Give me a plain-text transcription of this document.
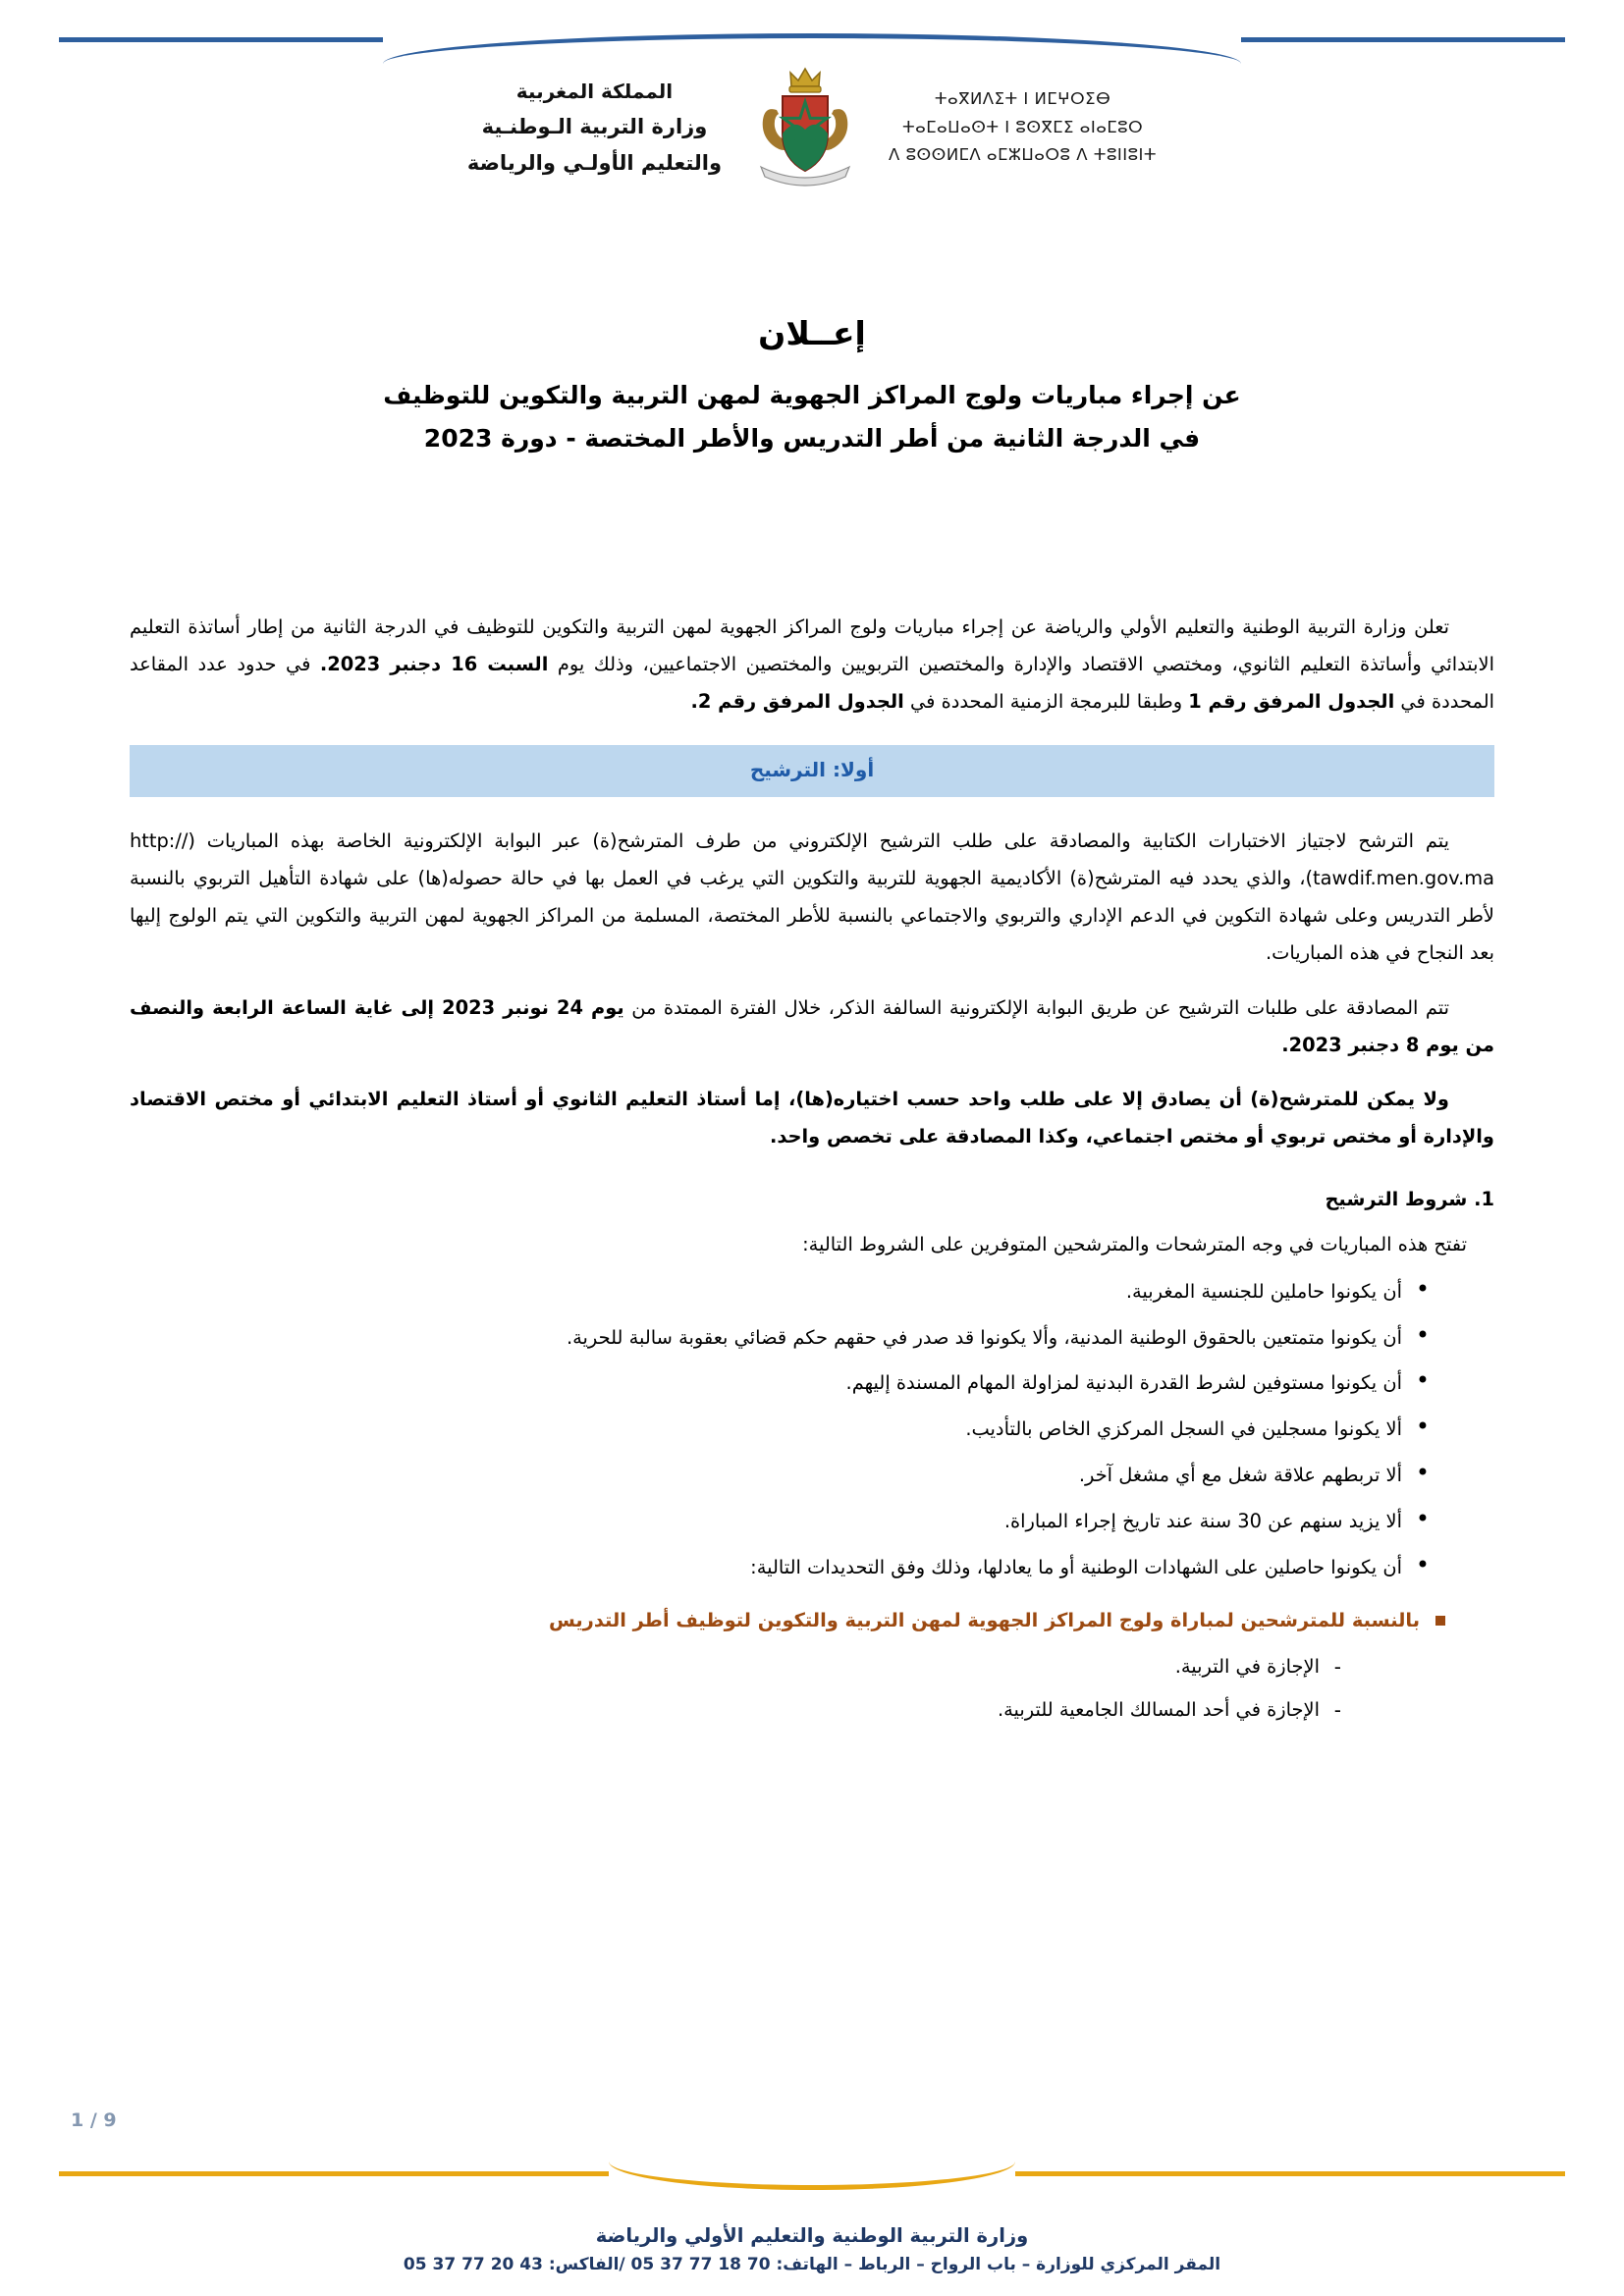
ⵜⴰⴳⵍⴷⵉⵜ ⵏ ⵍⵎⵖⵔⵉⴱ
ⵜⴰⵎⴰⵡⴰⵙⵜ ⵏ ⵓⵙⴳⵎⵉ ⴰⵏⴰⵎⵓⵔ
ⴷ ⵓⵙⵙⵍⵎⴷ ⴰⵎⵣⵡⴰⵔⵓ ⴷ ⵜⵓⵏⵏⵓⵏⵜ
المملكة المغربية
وزارة التربية الـوطنـية
والتعليم الأولـي والرياضة
إعــلان
عن إجراء مباريات ولوج المراكز الجهوية لمهن التربية والتكوين للتوظيف
في الدرجة الثانية من أطر التدريس والأطر المختصة - دورة 2023

تعلن وزارة التربية الوطنية والتعليم الأولي والرياضة عن إجراء مباريات ولوج المراكز الجهوية لمهن التربية والتكوين للتوظيف في الدرجة الثانية من إطار أساتذة التعليم الابتدائي وأساتذة التعليم الثانوي، ومختصي الاقتصاد والإدارة والمختصين التربويين والمختصين الاجتماعيين، وذلك يوم السبت 16 دجنبر 2023. في حدود عدد المقاعد المحددة في الجدول المرفق رقم 1 وطبقا للبرمجة الزمنية المحددة في الجدول المرفق رقم 2.

أولا: الترشيح

يتم الترشح لاجتياز الاختبارات الكتابية والمصادقة على طلب الترشيح الإلكتروني من طرف المترشح(ة) عبر البوابة الإلكترونية الخاصة بهذه المباريات (http:// tawdif.men.gov.ma)، والذي يحدد فيه المترشح(ة) الأكاديمية الجهوية للتربية والتكوين التي يرغب في العمل بها في حالة حصوله(ها) على شهادة التأهيل التربوي بالنسبة لأطر التدريس وعلى شهادة التكوين في الدعم الإداري والتربوي والاجتماعي بالنسبة للأطر المختصة، المسلمة من المراكز الجهوية لمهن التربية والتكوين التي يتم الولوج إليها بعد النجاح في هذه المباريات.

تتم المصادقة على طلبات الترشيح عن طريق البوابة الإلكترونية السالفة الذكر، خلال الفترة الممتدة من يوم 24 نونبر 2023 إلى غاية الساعة الرابعة والنصف من يوم 8 دجنبر 2023.

ولا يمكن للمترشح(ة) أن يصادق إلا على طلب واحد حسب اختياره(ها)، إما أستاذ التعليم الثانوي أو أستاذ التعليم الابتدائي أو مختص الاقتصاد والإدارة أو مختص تربوي أو مختص اجتماعي، وكذا المصادقة على تخصص واحد.

1. شروط الترشيح
تفتح هذه المباريات في وجه المترشحات والمترشحين المتوفرين على الشروط التالية:
• أن يكونوا حاملين للجنسية المغربية.
• أن يكونوا متمتعين بالحقوق الوطنية المدنية، وألا يكونوا قد صدر في حقهم حكم قضائي بعقوبة سالبة للحرية.
• أن يكونوا مستوفين لشرط القدرة البدنية لمزاولة المهام المسندة إليهم.
• ألا يكونوا مسجلين في السجل المركزي الخاص بالتأديب.
• ألا تربطهم علاقة شغل مع أي مشغل آخر.
• ألا يزيد سنهم عن 30 سنة عند تاريخ إجراء المباراة.
• أن يكونوا حاصلين على الشهادات الوطنية أو ما يعادلها، وذلك وفق التحديدات التالية:
بالنسبة للمترشحين لمباراة ولوج المراكز الجهوية لمهن التربية والتكوين لتوظيف أطر التدريس
- الإجازة في التربية.
- الإجازة في أحد المسالك الجامعية للتربية.
1 / 9
وزارة التربية الوطنية والتعليم الأولي والرياضة
المقر المركزي للوزارة – باب الرواح – الرباط – الهاتف: 70 18 77 37 05 /الفاكس: 43 20 77 37 05
